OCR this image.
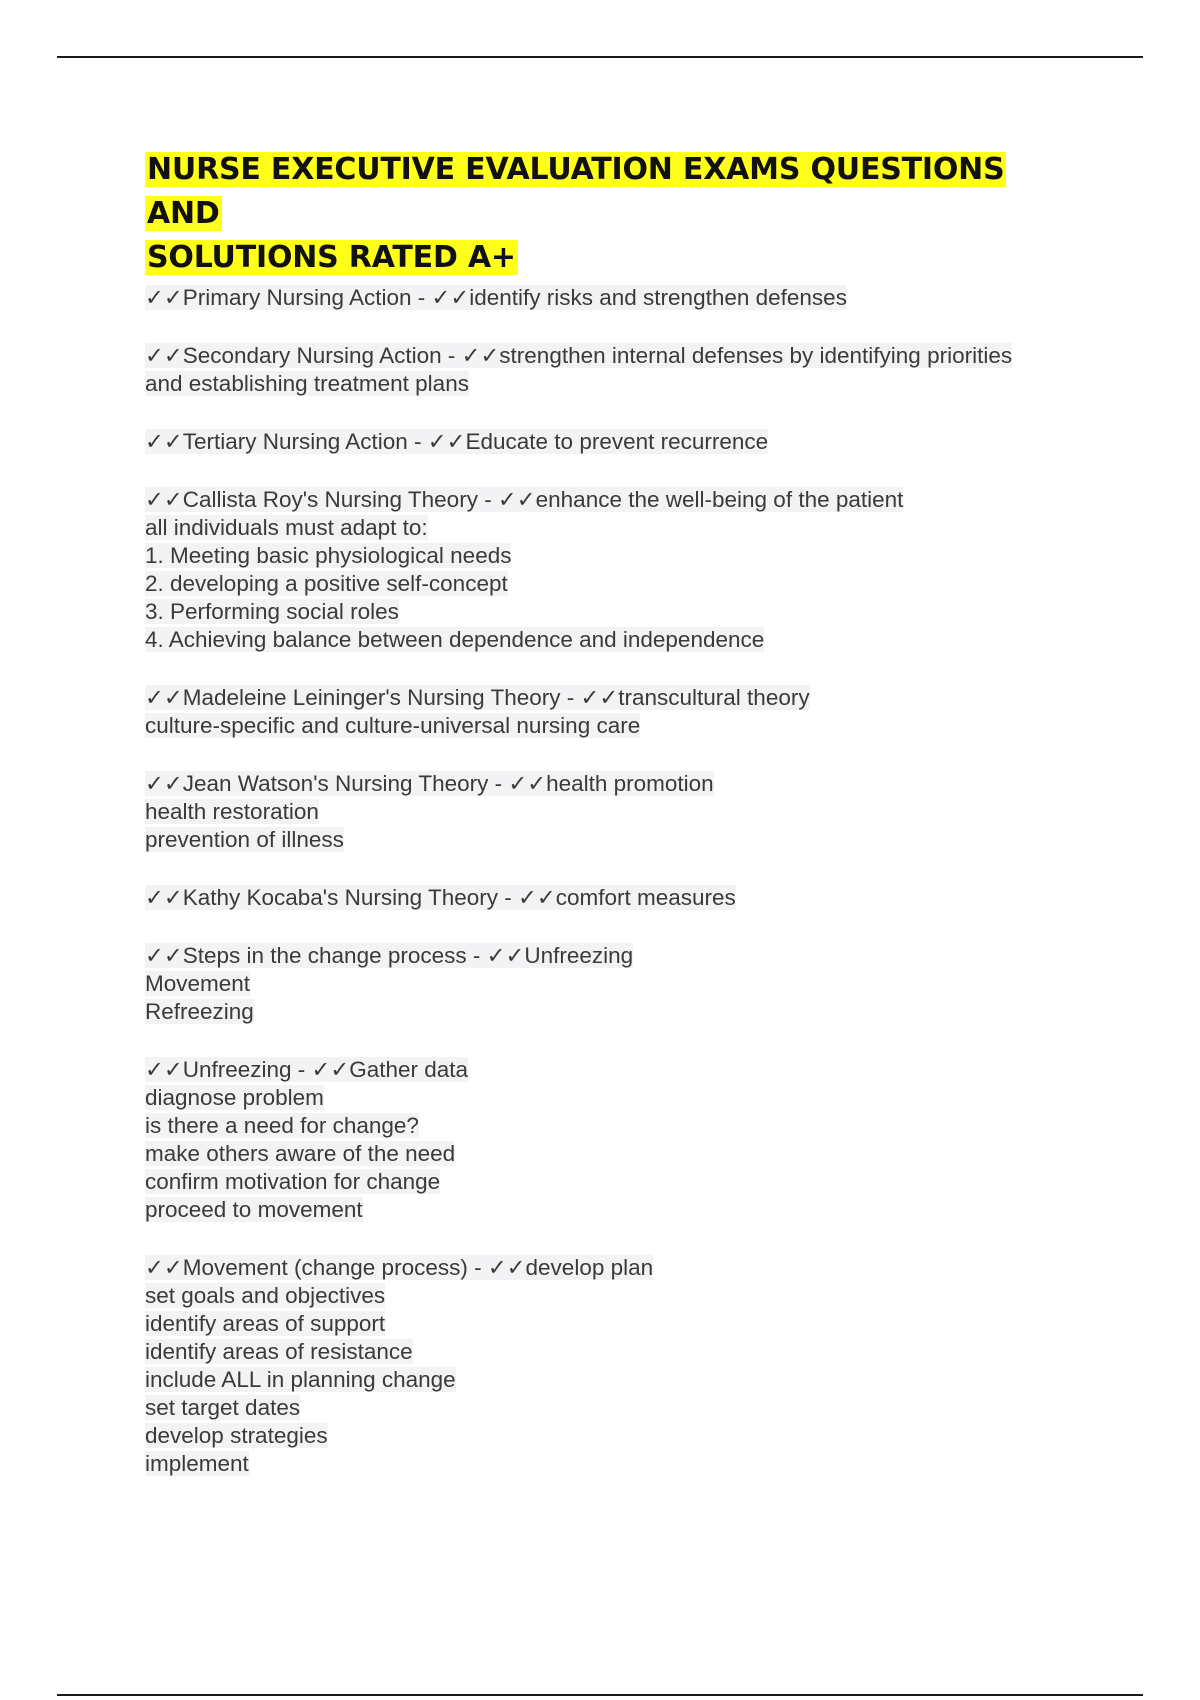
NURSE EXECUTIVE EVALUATION EXAMS QUESTIONS AND
SOLUTIONS RATED A+
✓✓Primary Nursing Action - ✓✓identify risks and strengthen defenses
✓✓Secondary Nursing Action - ✓✓strengthen internal defenses by identifying priorities
and establishing treatment plans
✓✓Tertiary Nursing Action - ✓✓Educate to prevent recurrence
✓✓Callista Roy's Nursing Theory - ✓✓enhance the well-being of the patient
all individuals must adapt to:
1. Meeting basic physiological needs
2. developing a positive self-concept
3. Performing social roles
4. Achieving balance between dependence and independence
✓✓Madeleine Leininger's Nursing Theory - ✓✓transcultural theory
culture-specific and culture-universal nursing care
✓✓Jean Watson's Nursing Theory - ✓✓health promotion
health restoration
prevention of illness
✓✓Kathy Kocaba's Nursing Theory - ✓✓comfort measures
✓✓Steps in the change process - ✓✓Unfreezing
Movement
Refreezing
✓✓Unfreezing - ✓✓Gather data
diagnose problem
is there a need for change?
make others aware of the need
confirm motivation for change
proceed to movement
✓✓Movement (change process) - ✓✓develop plan
set goals and objectives
identify areas of support
identify areas of resistance
include ALL in planning change
set target dates
develop strategies
implement
